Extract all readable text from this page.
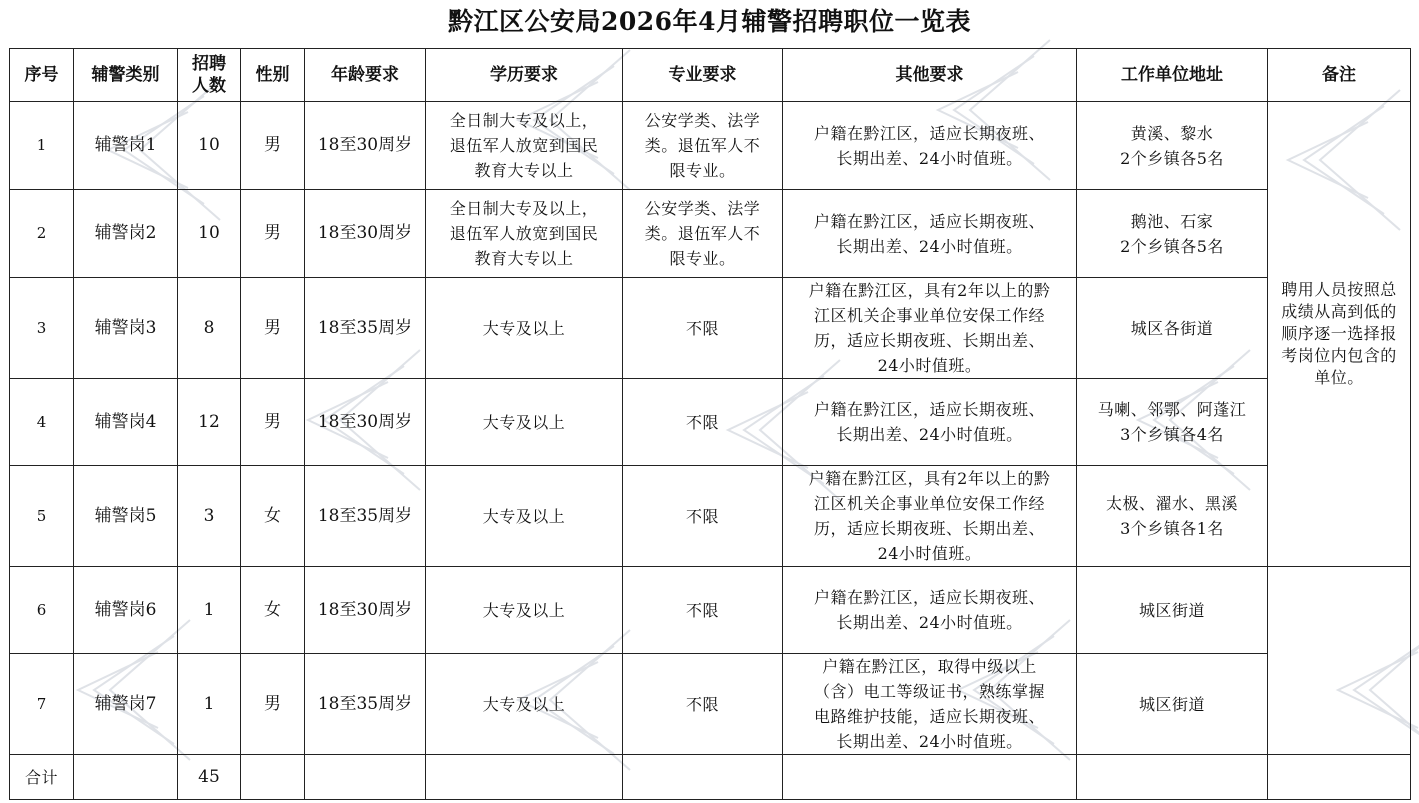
黔江区公安局2026年4月辅警招聘职位一览表
序号	辅警类别	招聘
人数	性别	年龄要求	学历要求	专业要求	其他要求	工作单位地址	备注
1	辅警岗1	10	男	18至30周岁	全日制大专及以上，
退伍军人放宽到国民
教育大专以上	公安学类、法学
类。退伍军人不
限专业。	户籍在黔江区，适应长期夜班、
长期出差、24小时值班。	黄溪、黎水
2个乡镇各5名	聘用人员按照总
成绩从高到低的
顺序逐一选择报
考岗位内包含的
单位。
2	辅警岗2	10	男	18至30周岁	全日制大专及以上，
退伍军人放宽到国民
教育大专以上	公安学类、法学
类。退伍军人不
限专业。	户籍在黔江区，适应长期夜班、
长期出差、24小时值班。	鹅池、石家
2个乡镇各5名	
3	辅警岗3	8	男	18至35周岁	大专及以上	不限	户籍在黔江区，具有2年以上的黔
江区机关企事业单位安保工作经
历，适应长期夜班、长期出差、
24小时值班。	城区各街道	
4	辅警岗4	12	男	18至30周岁	大专及以上	不限	户籍在黔江区，适应长期夜班、
长期出差、24小时值班。	马喇、邻鄂、阿蓬江
3个乡镇各4名	
5	辅警岗5	3	女	18至35周岁	大专及以上	不限	户籍在黔江区，具有2年以上的黔
江区机关企事业单位安保工作经
历，适应长期夜班、长期出差、
24小时值班。	太极、濯水、黑溪
3个乡镇各1名	
6	辅警岗6	1	女	18至30周岁	大专及以上	不限	户籍在黔江区，适应长期夜班、
长期出差、24小时值班。	城区街道	
7	辅警岗7	1	男	18至35周岁	大专及以上	不限	户籍在黔江区，取得中级以上
（含）电工等级证书，熟练掌握
电路维护技能，适应长期夜班、
长期出差、24小时值班。	城区街道	
合计		45							
